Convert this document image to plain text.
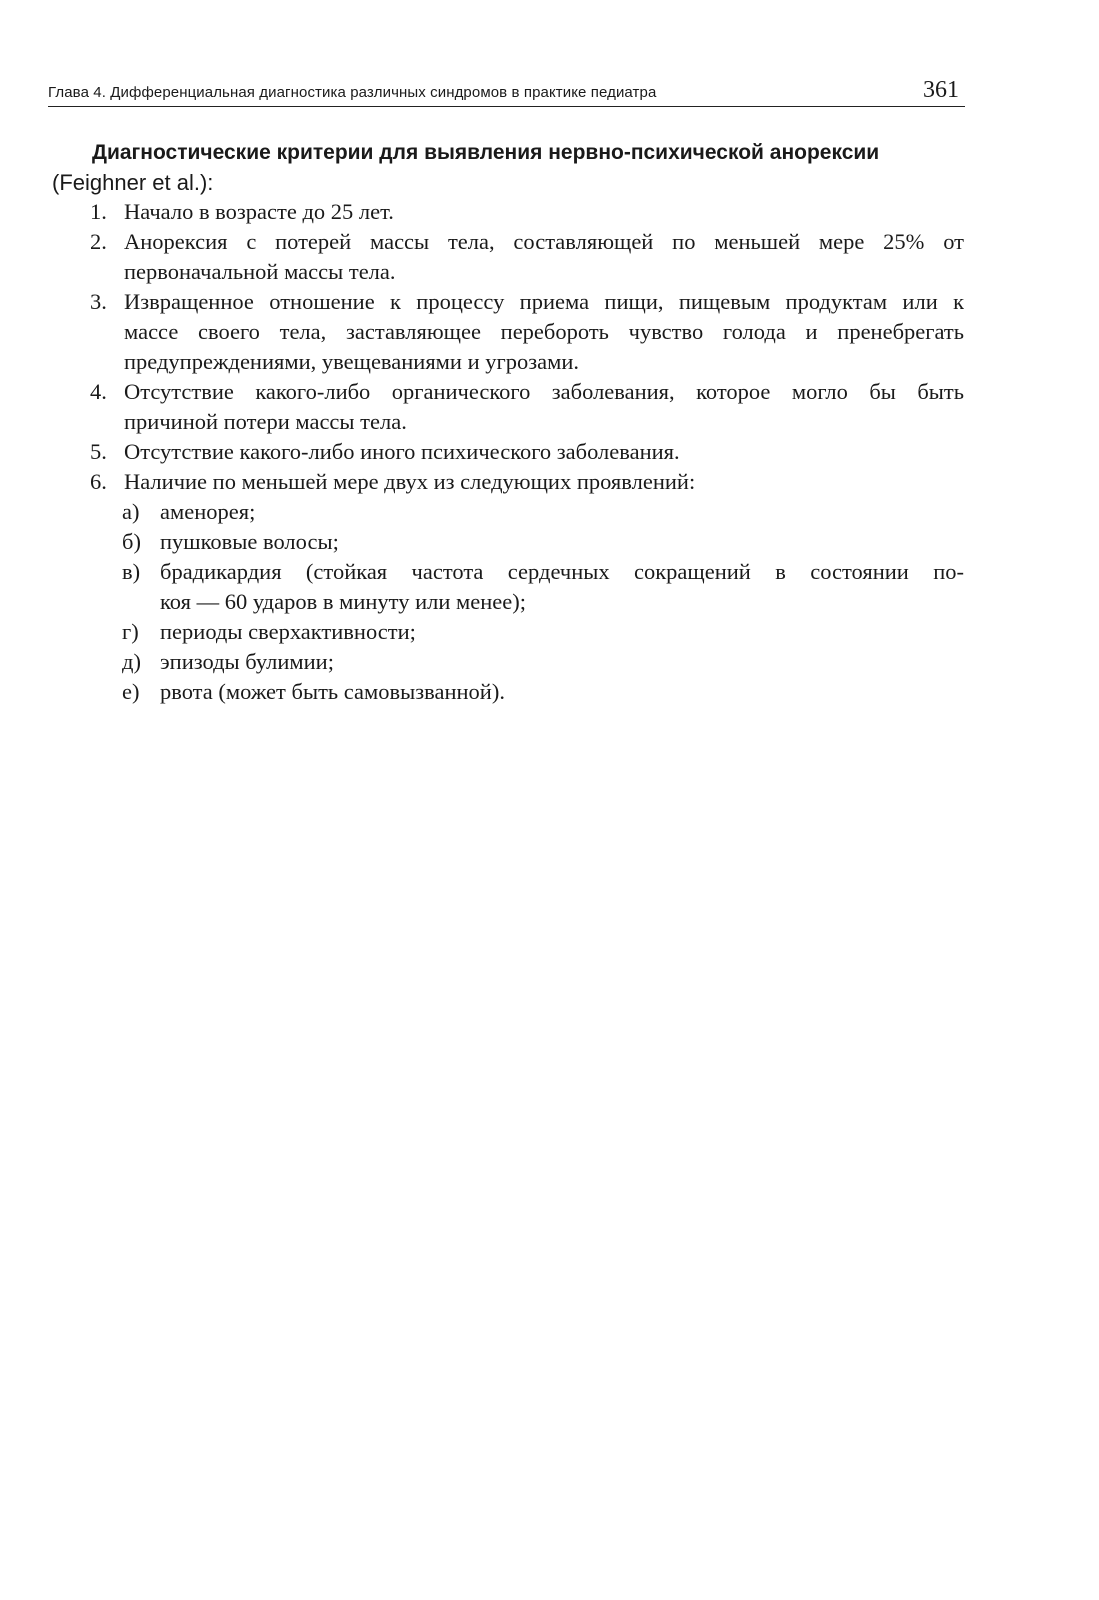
Глава 4. Дифференциальная диагностика различных синдромов в практике педиатра	361

Диагностические критерии для выявления нервно-психической анорексии

(Feighner et al.):

1. Начало в возрасте до 25 лет.
2. Анорексия с потерей массы тела, составляющей по меньшей мере 25% от
первоначальной массы тела.
3. Извращенное отношение к процессу приема пищи, пищевым продуктам или к
массе своего тела, заставляющее перебороть чувство голода и пренебрегать
предупреждениями, увещеваниями и угрозами.
4. Отсутствие какого-либо органического заболевания, которое могло бы быть
причиной потери массы тела.
5. Отсутствие какого-либо иного психического заболевания.
6. Наличие по меньшей мере двух из следующих проявлений:
а) аменорея;
б) пушковые волосы;
в) брадикардия (стойкая частота сердечных сокращений в состоянии по-
коя — 60 ударов в минуту или менее);
г) периоды сверхактивности;
д) эпизоды булимии;
е) рвота (может быть самовызванной).
